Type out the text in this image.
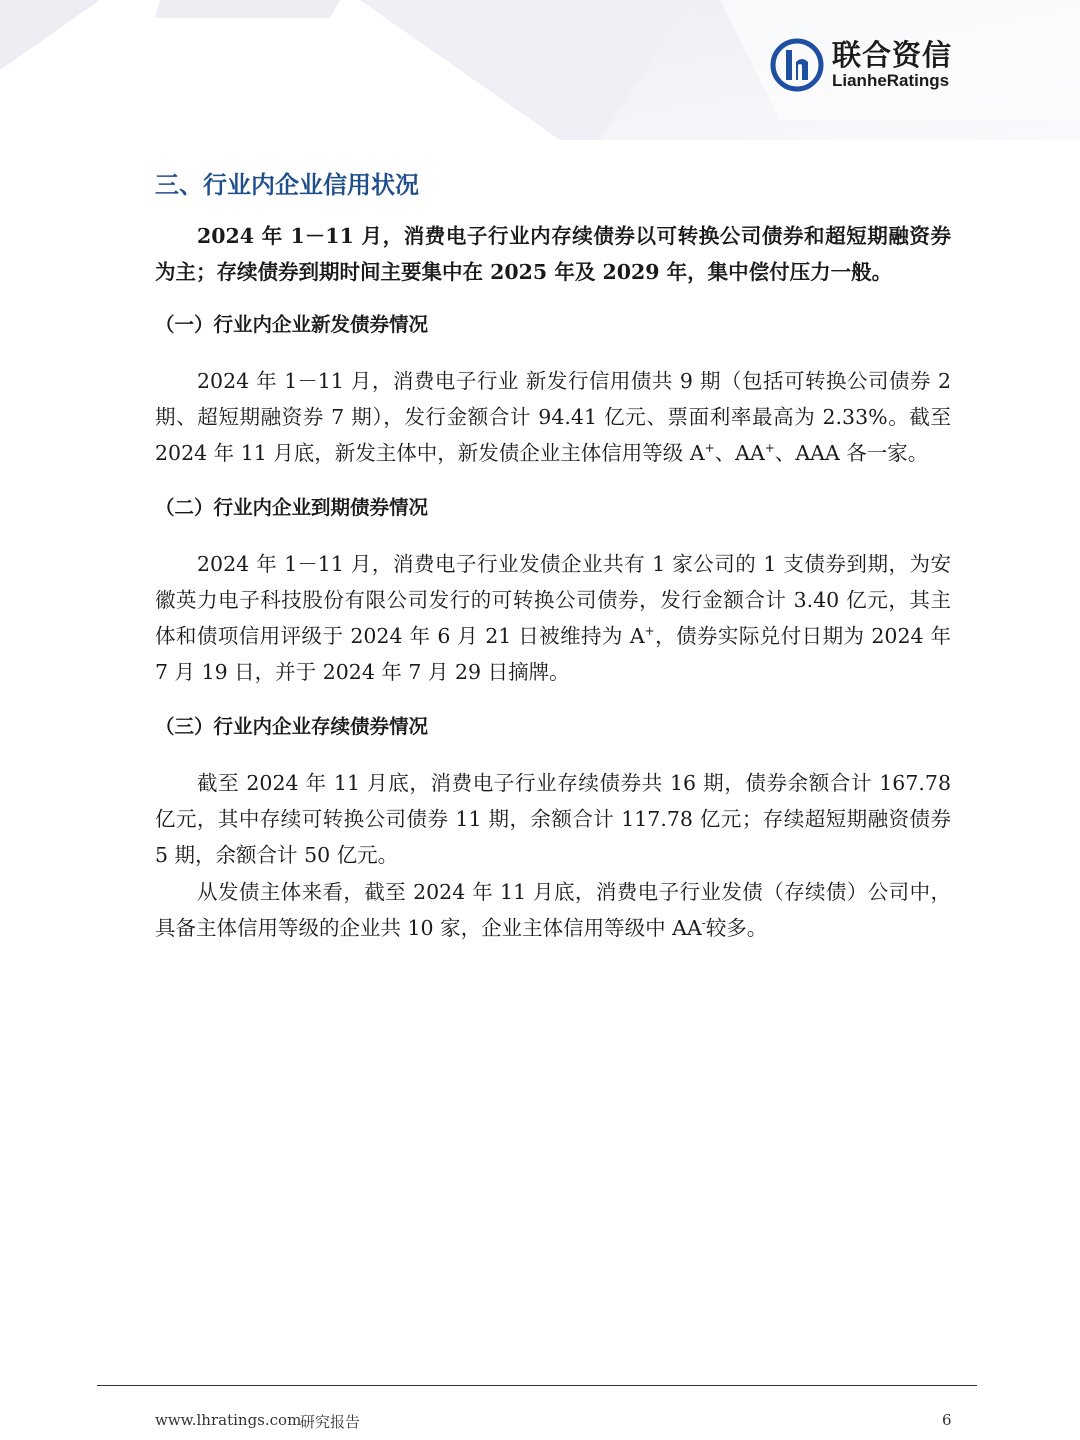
联合资信
LianheRatings
三、行业内企业信用状况
2024 年 1－11 月，消费电子行业内存续债券以可转换公司债券和超短期融资券为主；存续债券到期时间主要集中在 2025 年及 2029 年，集中偿付压力一般。
（一）行业内企业新发债券情况
2024 年 1－11 月，消费电子行业 新发行信用债共 9 期（包括可转换公司债券 2 期、超短期融资券 7 期），发行金额合计 94.41 亿元、票面利率最高为 2.33%。截至 2024 年 11 月底，新发主体中，新发债企业主体信用等级 A+、AA+、AAA 各一家。
（二）行业内企业到期债券情况
2024 年 1－11 月，消费电子行业发债企业共有 1 家公司的 1 支债券到期，为安徽英力电子科技股份有限公司发行的可转换公司债券，发行金额合计 3.40 亿元，其主体和债项信用评级于 2024 年 6 月 21 日被维持为 A+，债券实际兑付日期为 2024 年 7 月 19 日，并于 2024 年 7 月 29 日摘牌。
（三）行业内企业存续债券情况
截至 2024 年 11 月底，消费电子行业存续债券共 16 期，债券余额合计 167.78 亿元，其中存续可转换公司债券 11 期，余额合计 117.78 亿元；存续超短期融资债券 5 期，余额合计 50 亿元。
从发债主体来看，截至 2024 年 11 月底，消费电子行业发债（存续债）公司中，具备主体信用等级的企业共 10 家，企业主体信用等级中 AA-较多。
www.lhratings.com
研究报告	6
